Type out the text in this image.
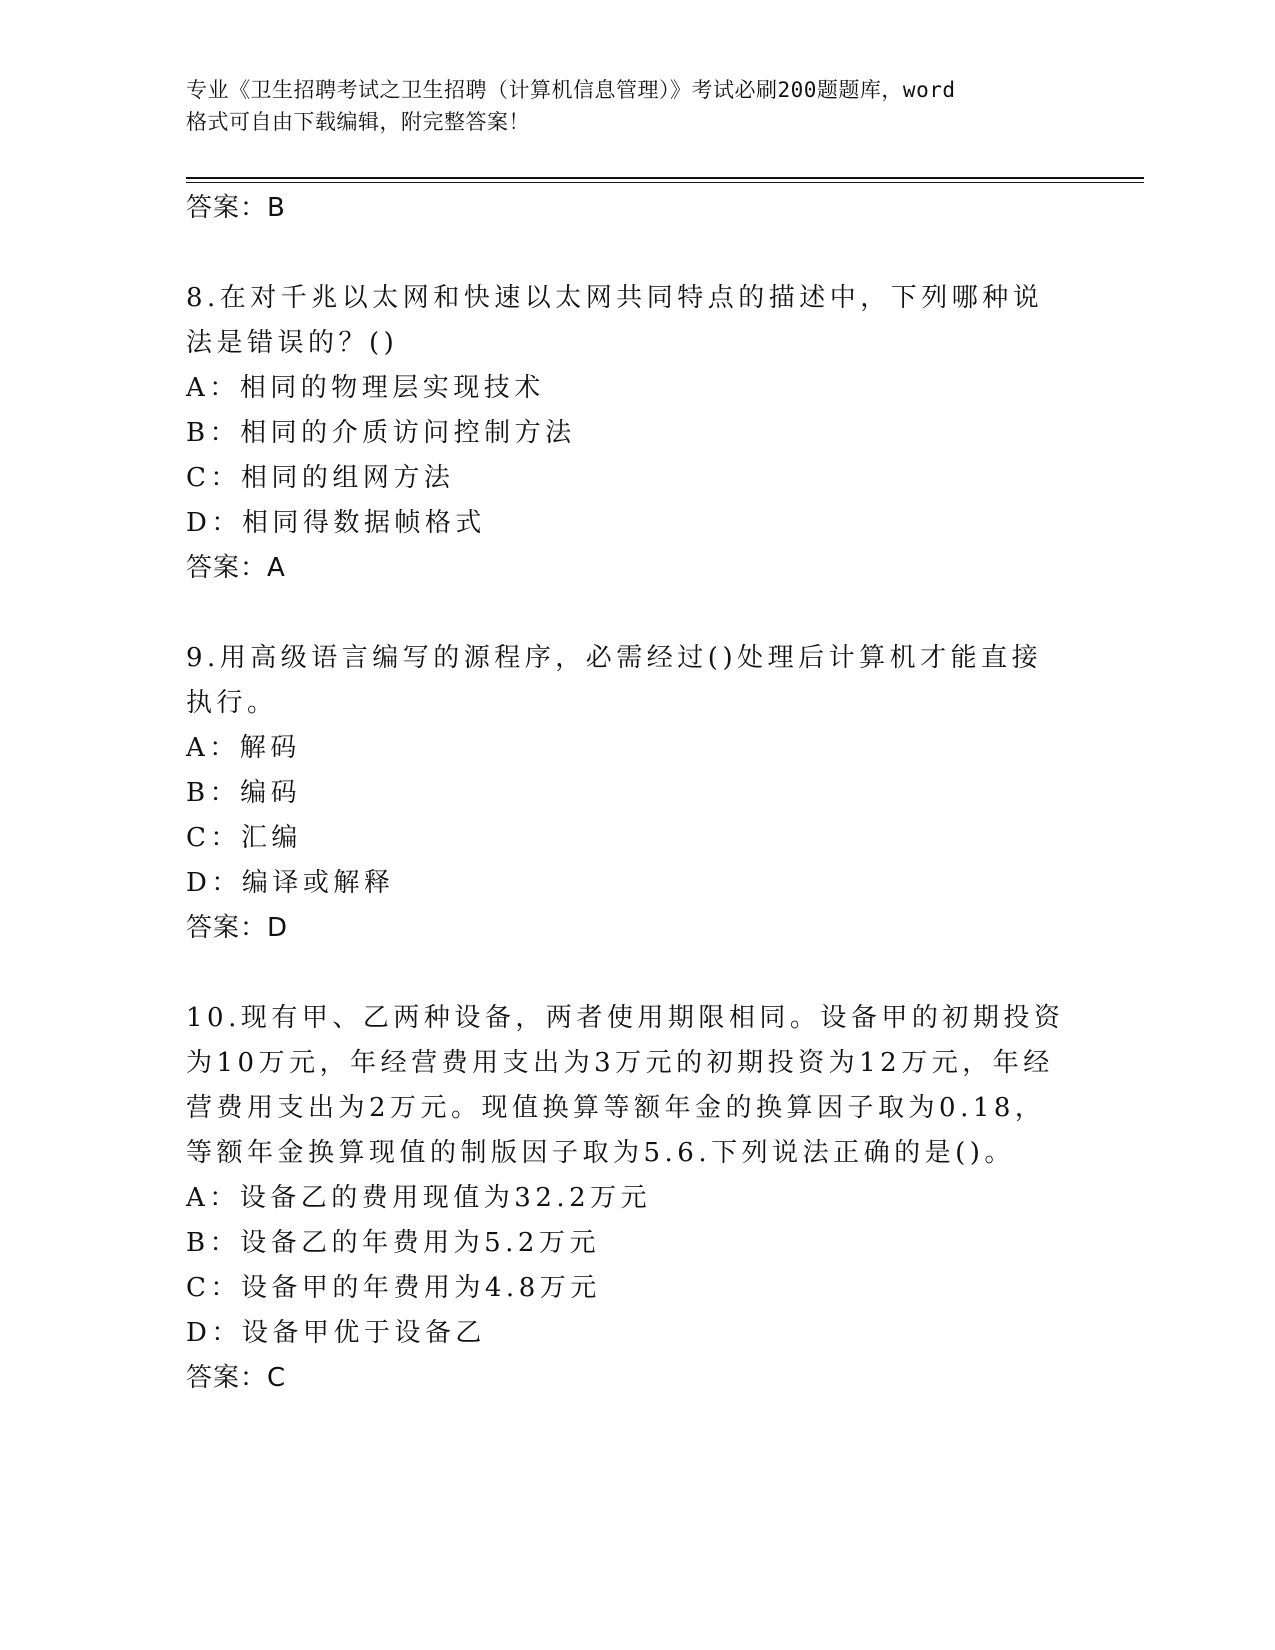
专业《卫生招聘考试之卫生招聘（计算机信息管理）》考试必刷200题题库，word
格式可自由下载编辑，附完整答案！
答案：B
8.在对千兆以太网和快速以太网共同特点的描述中，下列哪种说法是错误的？()
A：相同的物理层实现技术
B：相同的介质访问控制方法
C：相同的组网方法
D：相同得数据帧格式
答案：A
9.用高级语言编写的源程序，必需经过()处理后计算机才能直接执行。
A：解码
B：编码
C：汇编
D：编译或解释
答案：D
10.现有甲、乙两种设备，两者使用期限相同。设备甲的初期投资为10万元，年经营费用支出为3万元的初期投资为12万元，年经营费用支出为2万元。现值换算等额年金的换算因子取为0.18，等额年金换算现值的制版因子取为5.6.下列说法正确的是()。
A：设备乙的费用现值为32.2万元
B：设备乙的年费用为5.2万元
C：设备甲的年费用为4.8万元
D：设备甲优于设备乙
答案：C
